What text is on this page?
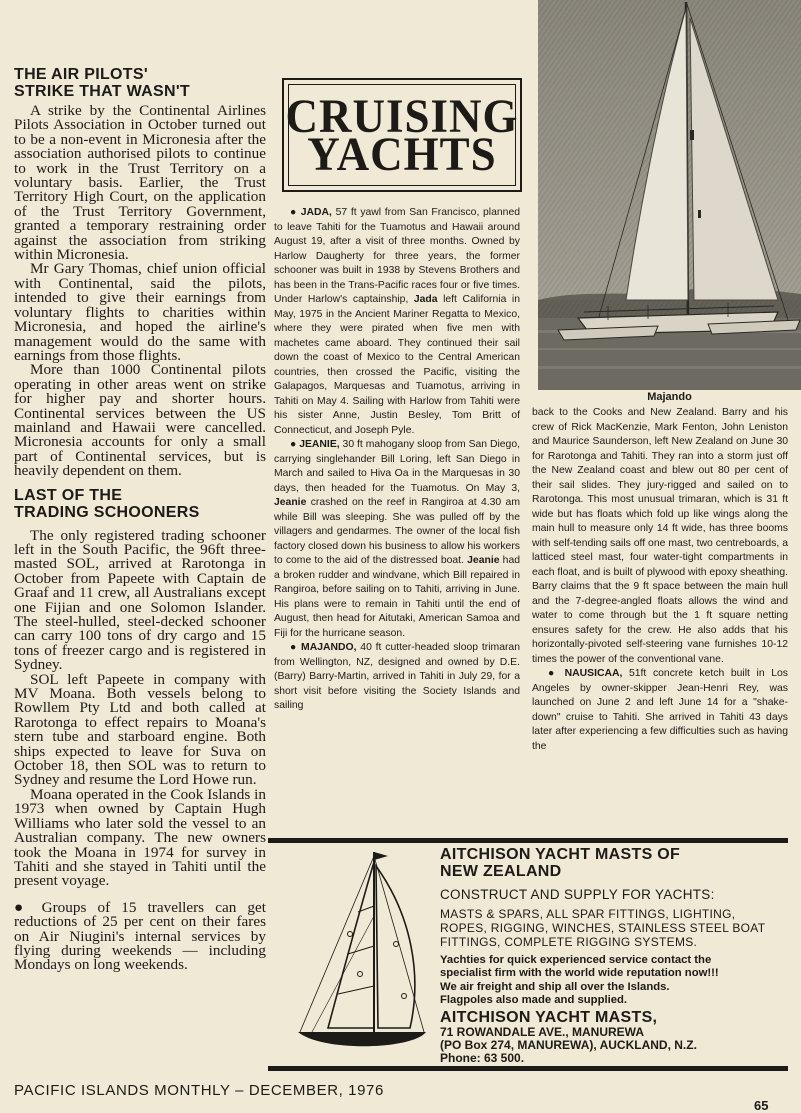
THE AIR PILOTS'
STRIKE THAT WASN'T

A strike by the Continental Airlines Pilots Association in October turned out to be a non-event in Micronesia after the association authorised pilots to continue to work in the Trust Territory on a voluntary basis. Earlier, the Trust Territory High Court, on the application of the Trust Territory Government, granted a temporary restraining order against the association from striking within Micronesia.

Mr Gary Thomas, chief union official with Continental, said the pilots, intended to give their earnings from voluntary flights to charities within Micronesia, and hoped the airline's management would do the same with earnings from those flights.

More than 1000 Continental pilots operating in other areas went on strike for higher pay and shorter hours. Continental services between the US mainland and Hawaii were cancelled. Micronesia accounts for only a small part of Continental services, but is heavily dependent on them.

LAST OF THE
TRADING SCHOONERS

The only registered trading schooner left in the South Pacific, the 96ft three-masted SOL, arrived at Rarotonga in October from Papeete with Captain de Graaf and 11 crew, all Australians except one Fijian and one Solomon Islander. The steel-hulled, steel-decked schooner can carry 100 tons of dry cargo and 15 tons of freezer cargo and is registered in Sydney.

SOL left Papeete in company with MV Moana. Both vessels belong to Rowllem Pty Ltd and both called at Rarotonga to effect repairs to Moana's stern tube and starboard engine. Both ships expected to leave for Suva on October 18, then SOL was to return to Sydney and resume the Lord Howe run.

Moana operated in the Cook Islands in 1973 when owned by Captain Hugh Williams who later sold the vessel to an Australian company. The new owners took the Moana in 1974 for survey in Tahiti and she stayed in Tahiti until the present voyage.

● Groups of 15 travellers can get reductions of 25 per cent on their fares on Air Niugini's internal services by flying during weekends — including Mondays on long weekends.

CRUISING
YACHTS

● JADA, 57 ft yawl from San Francisco, planned to leave Tahiti for the Tuamotus and Hawaii around August 19, after a visit of three months. Owned by Harlow Daugherty for three years, the former schooner was built in 1938 by Stevens Brothers and has been in the Trans-Pacific races four or five times. Under Harlow's captainship, Jada left California in May, 1975 in the Ancient Mariner Regatta to Mexico, where they were pirated when five men with machetes came aboard. They continued their sail down the coast of Mexico to the Central American countries, then crossed the Pacific, visiting the Galapagos, Marquesas and Tuamotus, arriving in Tahiti on May 4. Sailing with Harlow from Tahiti were his sister Anne, Justin Besley, Tom Britt of Connecticut, and Joseph Pyle.

● JEANIE, 30 ft mahogany sloop from San Diego, carrying singlehander Bill Loring, left San Diego in March and sailed to Hiva Oa in the Marquesas in 30 days, then headed for the Tuamotus. On May 3, Jeanie crashed on the reef in Rangiroa at 4.30 am while Bill was sleeping. She was pulled off by the villagers and gendarmes. The owner of the local fish factory closed down his business to allow his workers to come to the aid of the distressed boat. Jeanie had a broken rudder and windvane, which Bill repaired in Rangiroa, before sailing on to Tahiti, arriving in June. His plans were to remain in Tahiti until the end of August, then head for Aitutaki, American Samoa and Fiji for the hurricane season.

● MAJANDO, 40 ft cutter-headed sloop trimaran from Wellington, NZ, designed and owned by D.E. (Barry) Barry-Martin, arrived in Tahiti in July 29, for a short visit before visiting the Society Islands and sailing

Majando

back to the Cooks and New Zealand. Barry and his crew of Rick MacKenzie, Mark Fenton, John Leniston and Maurice Saunderson, left New Zealand on June 30 for Rarotonga and Tahiti. They ran into a storm just off the New Zealand coast and blew out 80 per cent of their sail slides. They jury-rigged and sailed on to Rarotonga. This most unusual trimaran, which is 31 ft wide but has floats which fold up like wings along the main hull to measure only 14 ft wide, has three booms with self-tending sails off one mast, two centreboards, a latticed steel mast, four water-tight compartments in each float, and is built of plywood with epoxy sheathing. Barry claims that the 9 ft space between the main hull and the 7-degree-angled floats allows the wind and water to come through but the 1 ft square netting ensures safety for the crew. He also adds that his horizontally-pivoted self-steering vane furnishes 10-12 times the power of the conventional vane.

● NAUSICAA, 51ft concrete ketch built in Los Angeles by owner-skipper Jean-Henri Rey, was launched on June 2 and left June 14 for a "shake-down" cruise to Tahiti. She arrived in Tahiti 43 days later after experiencing a few difficulties such as having the

AITCHISON YACHT MASTS OF
NEW ZEALAND

CONSTRUCT AND SUPPLY FOR YACHTS:

MASTS & SPARS, ALL SPAR FITTINGS, LIGHTING, ROPES, RIGGING, WINCHES, STAINLESS STEEL BOAT FITTINGS, COMPLETE RIGGING SYSTEMS.

Yachties for quick experienced service contact the
specialist firm with the world wide reputation now!!!
We air freight and ship all over the Islands.
Flagpoles also made and supplied.

AITCHISON YACHT MASTS,

71 ROWANDALE AVE., MANUREWA
(PO Box 274, MANUREWA), AUCKLAND, N.Z.
Phone: 63 500.

PACIFIC ISLANDS MONTHLY – DECEMBER, 1976
65
